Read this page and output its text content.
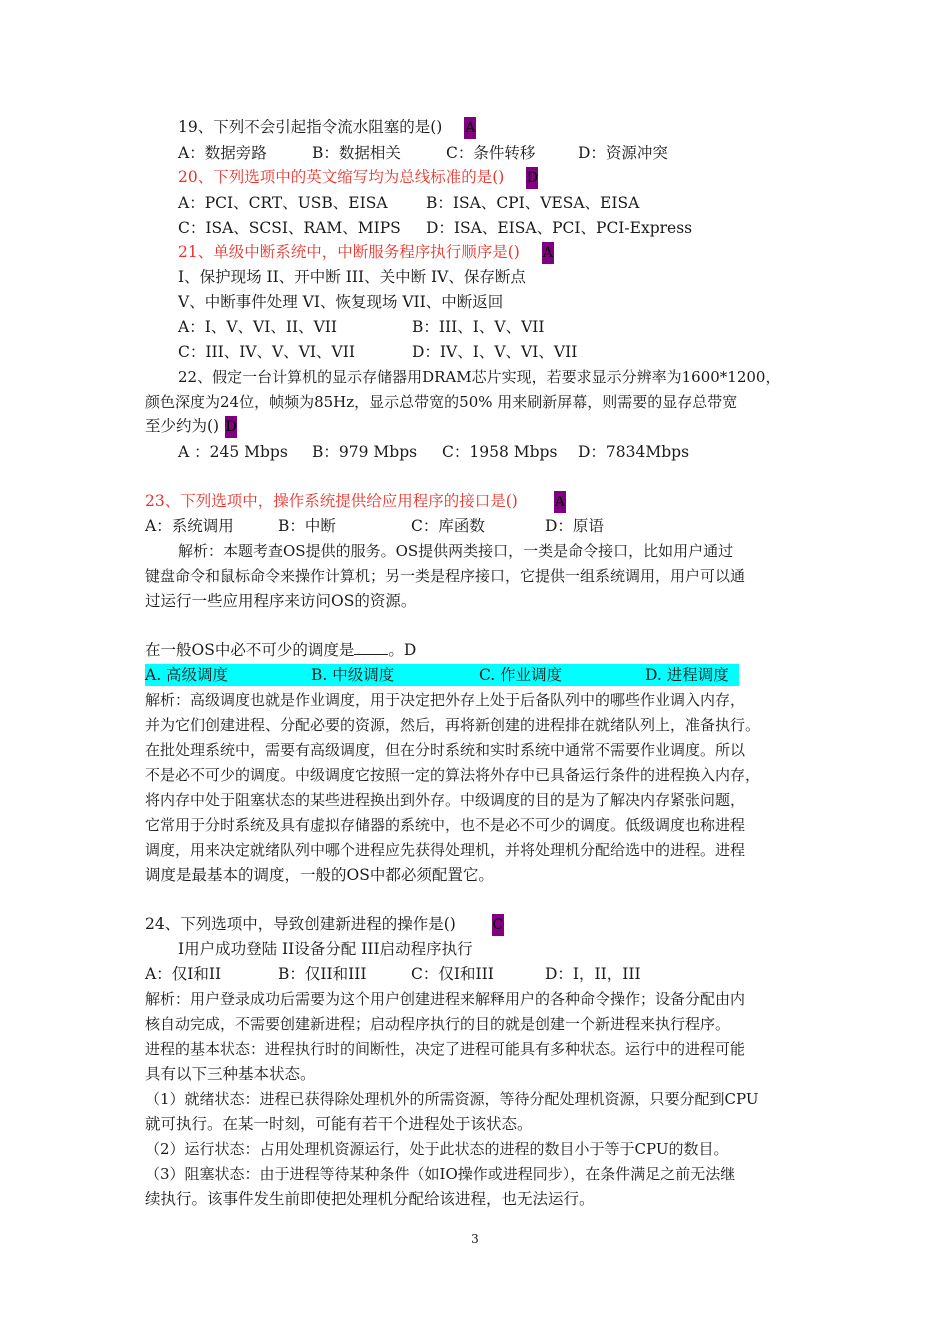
19、下列不会引起指令流水阻塞的是() A
A：数据旁路	B：数据相关	C：条件转移	D：资源冲突
20、下列选项中的英文缩写均为总线标准的是() D
A：PCI、CRT、USB、EISA B：ISA、CPI、VESA、EISA
C：ISA、SCSI、RAM、MIPS D：ISA、EISA、PCI、PCI-Express
21、单级中断系统中，中断服务程序执行顺序是() A
I、保护现场 II、开中断 III、关中断 IV、保存断点
V、中断事件处理 VI、恢复现场 VII、中断返回
A：I、V、VI、II、VII	B：III、I、V、VII
C：III、IV、V、VI、VII	D：IV、I、V、VI、VII
22、假定一台计算机的显示存储器用DRAM芯片实现，若要求显示分辨率为1600*1200，
颜色深度为24位，帧频为85Hz，显示总带宽的50% 用来刷新屏幕，则需要的显存总带宽
至少约为() D
A ：245 Mbps B：979 Mbps C：1958 Mbps D：7834Mbps
23、下列选项中，操作系统提供给应用程序的接口是()	A
A：系统调用	B：中断	C：库函数	D：原语
解析：本题考查OS提供的服务。OS提供两类接口，一类是命令接口，比如用户通过
键盘命令和鼠标命令来操作计算机；另一类是程序接口，它提供一组系统调用，用户可以通
过运行一些应用程序来访问OS的资源。
在一般OS中必不可少的调度是 。D
A. 高级调度	B. 中级调度	C. 作业调度	D. 进程调度
解析：高级调度也就是作业调度，用于决定把外存上处于后备队列中的哪些作业调入内存，
并为它们创建进程、分配必要的资源，然后，再将新创建的进程排在就绪队列上，准备执行。
在批处理系统中，需要有高级调度，但在分时系统和实时系统中通常不需要作业调度。所以
不是必不可少的调度。中级调度它按照一定的算法将外存中已具备运行条件的进程换入内存，
将内存中处于阻塞状态的某些进程换出到外存。中级调度的目的是为了解决内存紧张问题，
它常用于分时系统及具有虚拟存储器的系统中，也不是必不可少的调度。低级调度也称进程
调度，用来决定就绪队列中哪个进程应先获得处理机，并将处理机分配给选中的进程。进程
调度是最基本的调度，一般的OS中都必须配置它。
24、下列选项中，导致创建新进程的操作是()	C
I用户成功登陆 II设备分配 III启动程序执行
A：仅I和II	B：仅II和III	C：仅I和III	D：I，II，III
解析：用户登录成功后需要为这个用户创建进程来解释用户的各种命令操作；设备分配由内
核自动完成，不需要创建新进程；启动程序执行的目的就是创建一个新进程来执行程序。
进程的基本状态：进程执行时的间断性，决定了进程可能具有多种状态。运行中的进程可能
具有以下三种基本状态。
（1）就绪状态：进程已获得除处理机外的所需资源，等待分配处理机资源，只要分配到CPU
就可执行。在某一时刻，可能有若干个进程处于该状态。
（2）运行状态：占用处理机资源运行，处于此状态的进程的数目小于等于CPU的数目。
（3）阻塞状态：由于进程等待某种条件（如IO操作或进程同步），在条件满足之前无法继
续执行。该事件发生前即使把处理机分配给该进程，也无法运行。
3
